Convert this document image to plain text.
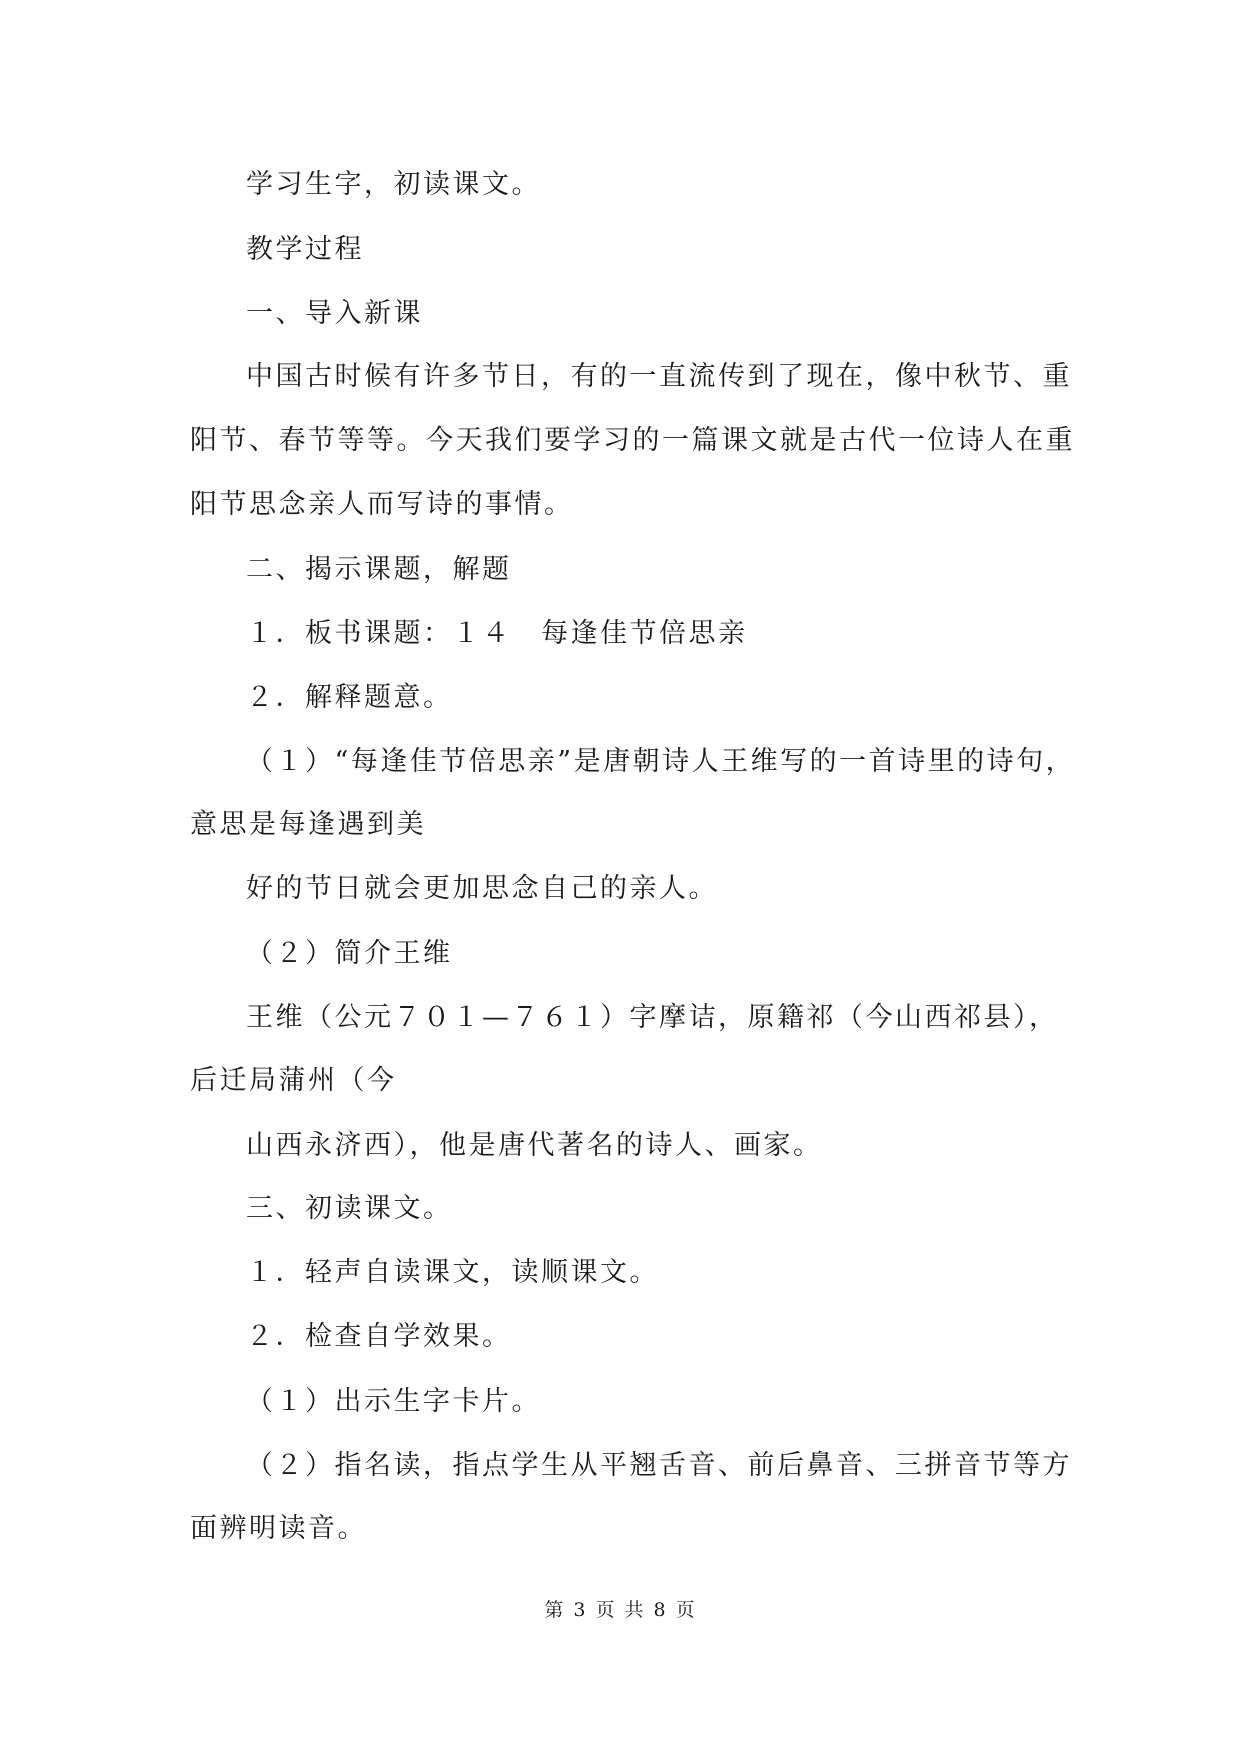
学习生字，初读课文。
教学过程
一、导入新课
中国古时候有许多节日，有的一直流传到了现在，像中秋节、重
阳节、春节等等。今天我们要学习的一篇课文就是古代一位诗人在重
阳节思念亲人而写诗的事情。
二、揭示课题，解题
１．板书课题：１４　每逢佳节倍思亲
２．解释题意。
（１）“每逢佳节倍思亲”是唐朝诗人王维写的一首诗里的诗句，
意思是每逢遇到美
好的节日就会更加思念自己的亲人。
（２）简介王维
王维（公元７０１—７６１）字摩诘，原籍祁（今山西祁县），
后迁局蒲州（今
山西永济西），他是唐代著名的诗人、画家。
三、初读课文。
１．轻声自读课文，读顺课文。
２．检查自学效果。
（１）出示生字卡片。
（２）指名读，指点学生从平翘舌音、前后鼻音、三拼音节等方
面辨明读音。
第 3 页 共 8 页
